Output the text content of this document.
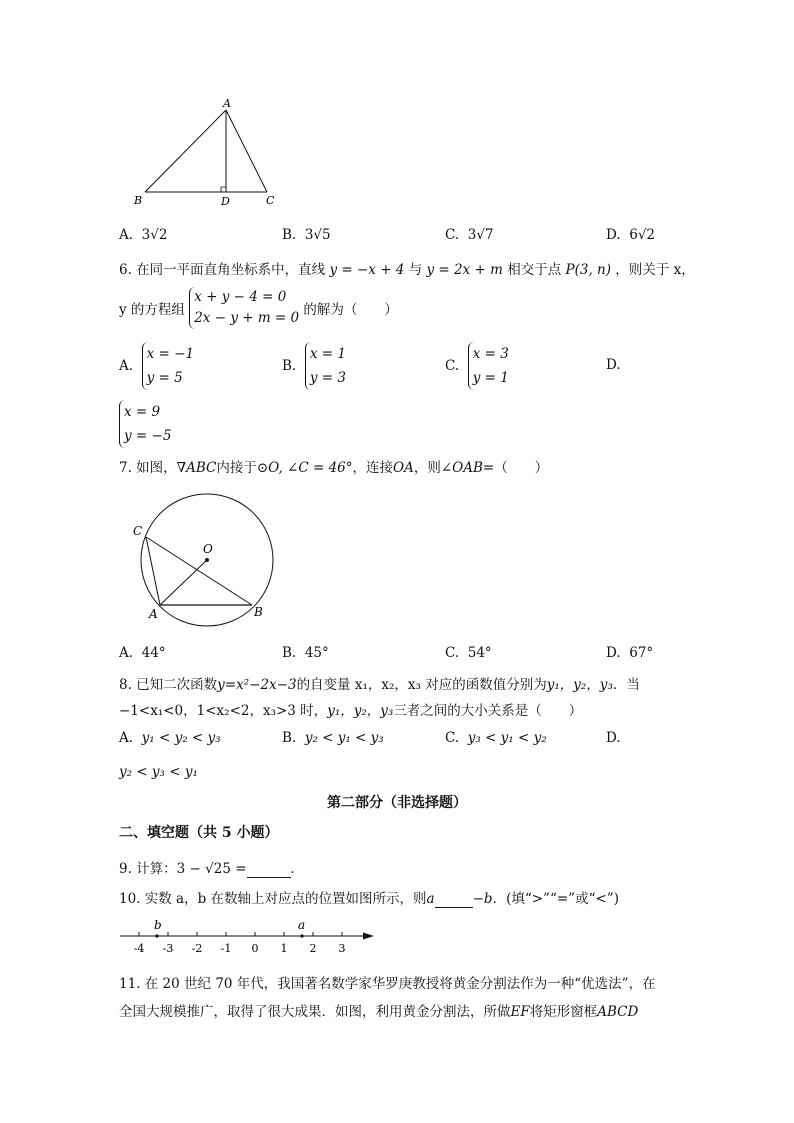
A
B	D	C
A. 3√2	B. 3√5	C. 3√7	D. 6√2
6. 在同一平面直角坐标系中，直线 y = −x + 4 与 y = 2x + m 相交于点 P(3, n) ，则关于 x，
y 的方程组 x + y − 4 = 0
2x − y + m = 0 的解为（　　）
A.  x = −1
y = 5
B.  x = 1
y = 3
C.  x = 3
y = 1
D.
x = 9
y = −5
7. 如图，∇ABC内接于⊙O, ∠C = 46°，连接OA，则∠OAB=（　　）
C
O
A	B
A. 44°	B. 45°	C. 54°	D. 67°
8. 已知二次函数y=x²−2x−3的自变量 x₁，x₂，x₃ 对应的函数值分别为y₁，y₂，y₃．当
−1<x₁<0，1<x₂<2，x₃>3 时，y₁，y₂，y₃三者之间的大小关系是（　　）
A. y₁ < y₂ < y₃	B. y₂ < y₁ < y₃	C. y₃ < y₁ < y₂	D.
y₂ < y₃ < y₁
第二部分（非选择题）
二、填空题（共 5 小题）
9. 计算：3 − √25 =	．
10. 实数 a，b 在数轴上对应点的位置如图所示，则a	−b．(填“>”“=”或“<”)
-4 -3 -2 -1 0 1 2 3
b	a
11. 在 20 世纪 70 年代，我国著名数学家华罗庚教授将黄金分割法作为一种“优选法”，在
全国大规模推广，取得了很大成果．如图，利用黄金分割法，所做EF将矩形窗框ABCD
